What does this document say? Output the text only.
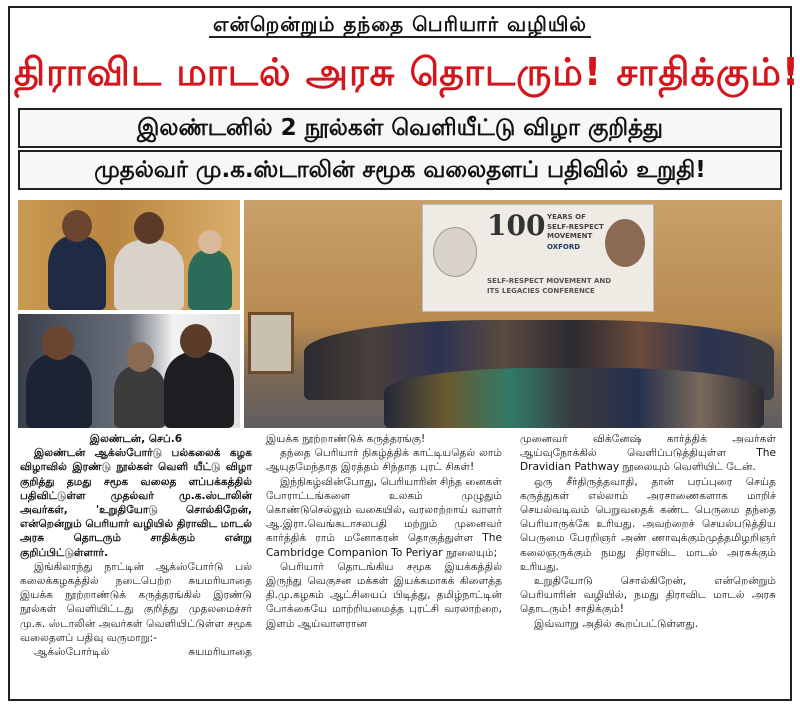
என்றென்றும் தந்தை பெரியார் வழியில்
திராவிட மாடல் அரசு தொடரும்! சாதிக்கும்!
இலண்டனில் 2 நூல்கள் வெளியீட்டு விழா குறித்து
முதல்வர் மு.க.ஸ்டாலின் சமூக வலைதளப் பதிவில் உறுதி!
100 YEARS OF
SELF-RESPECT MOVEMENT
OXFORD
SELF-RESPECT MOVEMENT AND
ITS LEGACIES CONFERENCE

இலண்டன், செப்.6

இலண்டன் ஆக்ஸ்போர்டு பல்கலைக் கழக விழாவில் இரண்டு நூல்கள் வெளி யீட்டு விழா குறித்து தமது சமூக வலைத ளப்பக்கத்தில் பதிவிட்டுள்ள முதல்வர் மு.க.ஸ்டாலின் அவர்கள், 'உறுதியோடு சொல்கிறேன், என்றென்றும் பெரியார் வழியில் திராவிட மாடல் அரசு தொடரும் சாதிக்கும் என்று குறிப்பிட்டுள்ளார்.

இங்கிலாந்து நாட்டின் ஆக்ஸ்போர்டு பல் கலைக்கழகத்தில் நடைபெற்ற சுயமரியாதை இயக்க நூற்றாண்டுக் கருத்தரங்கில் இரண்டு நூல்கள் வெளியிட்டது குறித்து முதலமைச்சர் மு.க. ஸ்டாலின் அவர்கள் வெளியிட்டுள்ள சமூக வலைதளப் பதிவு வருமாறு:-

ஆக்ஸ்போர்டில் சுயமரியாதை

இயக்க நூற்றாண்டுக் கருத்தரங்கு!

தந்தை பெரியார் நிகழ்த்திக் காட்டியதெல் லாம் ஆயுதமேந்தாத இரத்தம் சிந்தாத புரட் சிகள்!

இந்நிகழ்வின்போது, பெரியாரின் சிந்த னைகள் போராட்டங்களை உலகம் முழுதும் கொண்டுசெல்லும் வகையில், வரலாற்றாய் வாளர் ஆ.இரா.வெங்கடாசலபதி மற்றும் முனைவர் கார்த்திக் ராம் மனோகரன் தொகுத்துள்ள The Cambridge Companion To Periyar நூலையும்;

பெரியார் தொடங்கிய சமூக இயக்கத்தில் இருந்து வெகுசன மக்கள் இயக்கமாகக் கிளைத்த தி.மு.கழகம் ஆட்சியைப் பிடித்து, தமிழ்நாட்டின் போக்கையே மாற்றியமைத்த புரட்சி வரலாற்றை, இளம் ஆய்வாளரான

முனைவர் விக்னேஷ் கார்த்திக் அவர்கள் ஆய்வுநோக்கில் வெளிப்படுத்தியுள்ள The Dravidian Pathway நூலையும் வெளியிட் டேன்.

ஒரு சீர்திருத்தவாதி, தான் பரப்புரை செய்த கருத்துகள் எல்லாம் அரசாணைகளாக மாறிச் செயல்வடிவம் பெறுவதைக் கண்ட பெருமை தந்தை பெரியாருக்கே உரியது. அவற்றைச் செயல்படுத்திய பெருமை பேரறிஞர் அண் ணாவுக்கும்முத்தமிழறிஞர் கலைஞருக்கும் நமது திராவிட மாடல் அரசுக்கும் உரியது.

உறுதியோடு சொல்கிறேன், என்றென்றும் பெரியாரின் வழியில், நமது திராவிட மாடல் அரசு தொடரும்! சாதிக்கும்!

இவ்வாறு அதில் கூறப்பட்டுள்ளது.
